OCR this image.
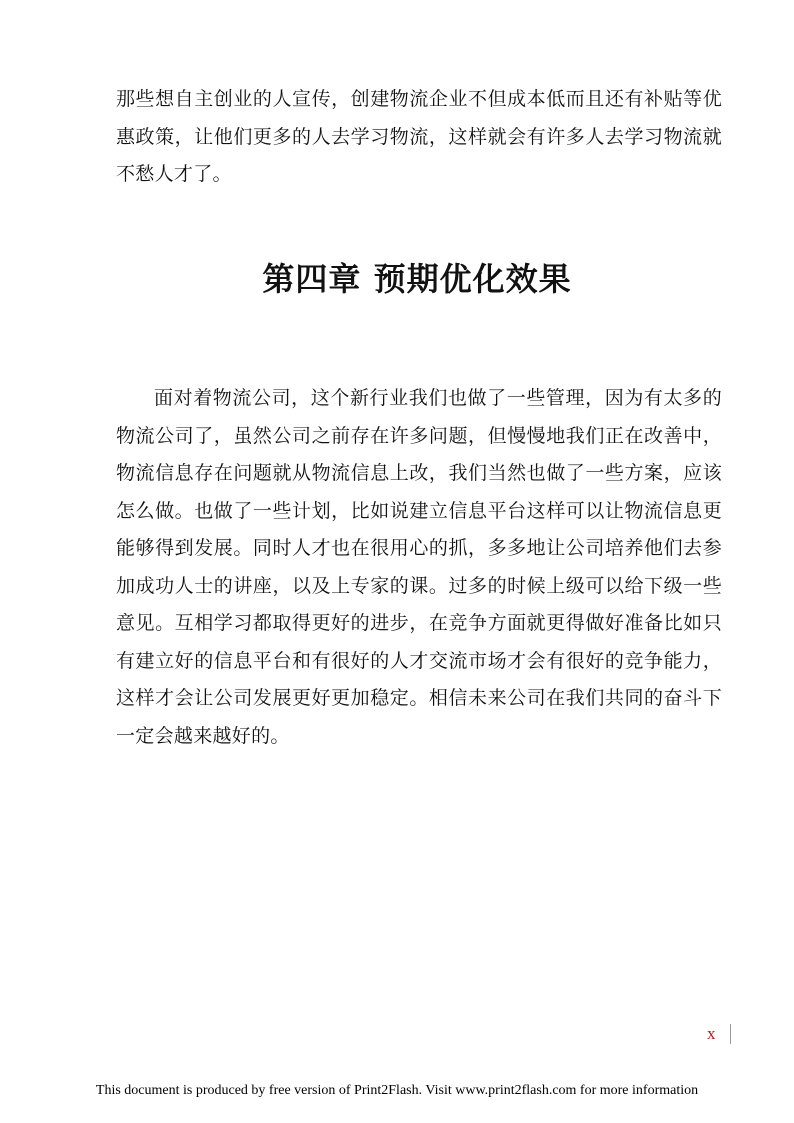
那些想自主创业的人宣传，创建物流企业不但成本低而且还有补贴等优惠政策，让他们更多的人去学习物流，这样就会有许多人去学习物流就不愁人才了。

第四章 预期优化效果

面对着物流公司，这个新行业我们也做了一些管理，因为有太多的物流公司了，虽然公司之前存在许多问题，但慢慢地我们正在改善中，物流信息存在问题就从物流信息上改，我们当然也做了一些方案，应该怎么做。也做了一些计划，比如说建立信息平台这样可以让物流信息更能够得到发展。同时人才也在很用心的抓，多多地让公司培养他们去参加成功人士的讲座，以及上专家的课。过多的时候上级可以给下级一些意见。互相学习都取得更好的进步，在竞争方面就更得做好准备比如只有建立好的信息平台和有很好的人才交流市场才会有很好的竞争能力，这样才会让公司发展更好更加稳定。相信未来公司在我们共同的奋斗下一定会越来越好的。

x
This document is produced by free version of Print2Flash. Visit www.print2flash.com for more information
